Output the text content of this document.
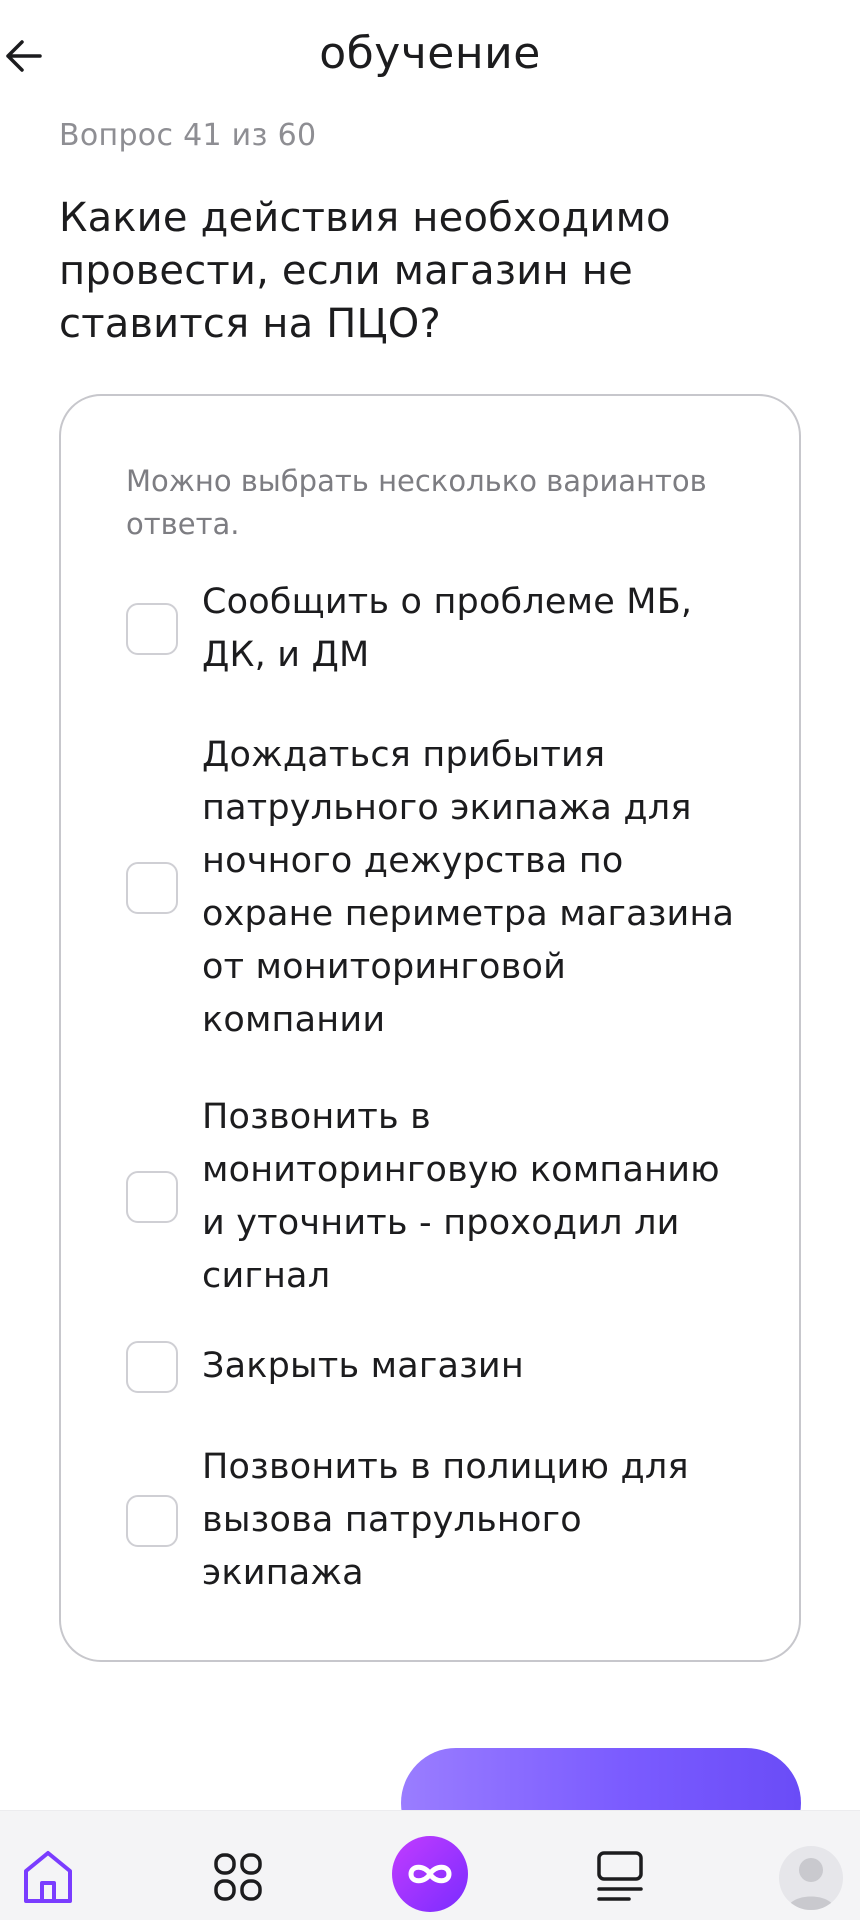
обучение
Вопрос 41 из 60
Какие действия необходимо провести, если магазин не ставится на ПЦО?
Можно выбрать несколько вариантов ответа.
Сообщить о проблеме МБ, ДК, и ДМ
Дождаться прибытия патрульного экипажа для ночного дежурства по охране периметра магазина от мониторинговой компании
Позвонить в мониторинговую компанию и уточнить - проходил ли сигнал
Закрыть магазин
Позвонить в полицию для вызова патрульного экипажа
